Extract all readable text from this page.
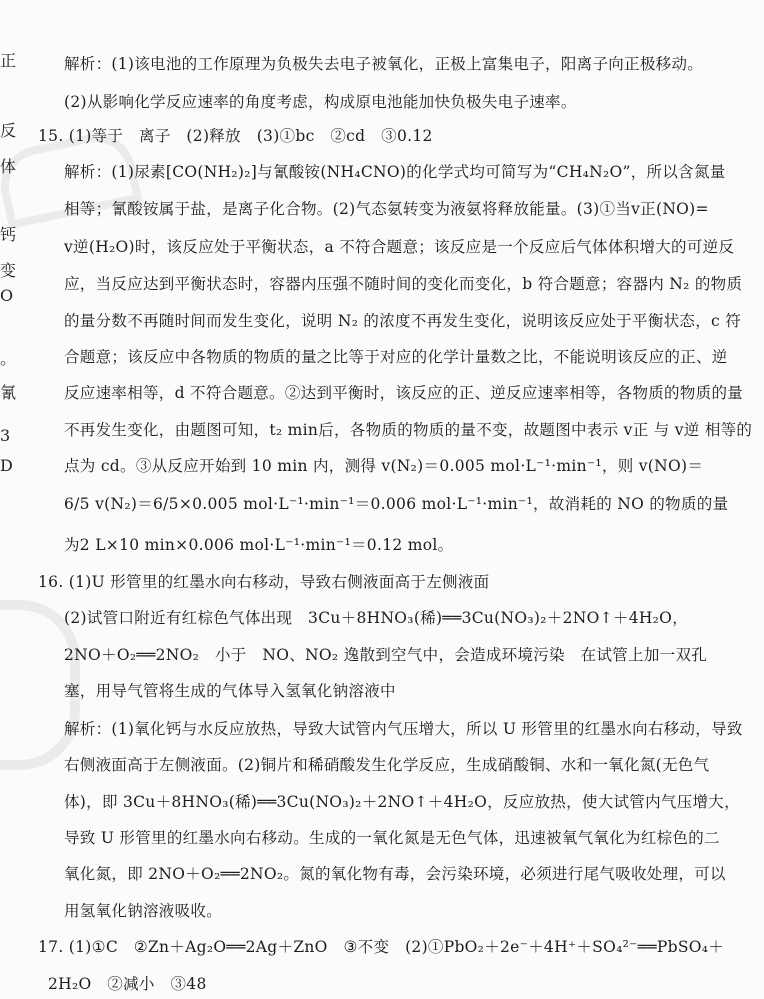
正
反
体
钙
变
O
。
氰
3
D
解析：(1)该电池的工作原理为负极失去电子被氧化，正极上富集电子，阳离子向正极移动。
(2)从影响化学反应速率的角度考虑，构成原电池能加快负极失电子速率。
15. (1)等于　离子　(2)释放　(3)①bc　②cd　③0.12
解析：(1)尿素[CO(NH₂)₂]与氰酸铵(NH₄CNO)的化学式均可简写为“CH₄N₂O”，所以含氮量
相等；氰酸铵属于盐，是离子化合物。(2)气态氨转变为液氨将释放能量。(3)①当v正(NO)=
v逆(H₂O)时，该反应处于平衡状态，a 不符合题意；该反应是一个反应后气体体积增大的可逆反
应，当反应达到平衡状态时，容器内压强不随时间的变化而变化，b 符合题意；容器内 N₂ 的物质
的量分数不再随时间而发生变化，说明 N₂ 的浓度不再发生变化，说明该反应处于平衡状态，c 符
合题意；该反应中各物质的物质的量之比等于对应的化学计量数之比，不能说明该反应的正、逆
反应速率相等，d 不符合题意。②达到平衡时，该反应的正、逆反应速率相等，各物质的物质的量
不再发生变化，由题图可知，t₂ min后，各物质的物质的量不变，故题图中表示 v正 与 v逆 相等的
点为 cd。③从反应开始到 10 min 内，测得 v(N₂)＝0.005 mol·L⁻¹·min⁻¹，则 v(NO)＝
6/5 v(N₂)＝6/5×0.005 mol·L⁻¹·min⁻¹＝0.006 mol·L⁻¹·min⁻¹，故消耗的 NO 的物质的量
为2 L×10 min×0.006 mol·L⁻¹·min⁻¹＝0.12 mol。
16. (1)U 形管里的红墨水向右移动，导致右侧液面高于左侧液面
(2)试管口附近有红棕色气体出现　3Cu＋8HNO₃(稀)══3Cu(NO₃)₂＋2NO↑＋4H₂O，
2NO＋O₂══2NO₂　小于　NO、NO₂ 逸散到空气中，会造成环境污染　在试管上加一双孔
塞，用导气管将生成的气体导入氢氧化钠溶液中
解析：(1)氧化钙与水反应放热，导致大试管内气压增大，所以 U 形管里的红墨水向右移动，导致
右侧液面高于左侧液面。(2)铜片和稀硝酸发生化学反应，生成硝酸铜、水和一氧化氮(无色气
体)，即 3Cu＋8HNO₃(稀)══3Cu(NO₃)₂＋2NO↑＋4H₂O，反应放热，使大试管内气压增大，
导致 U 形管里的红墨水向右移动。生成的一氧化氮是无色气体，迅速被氧气氧化为红棕色的二
氧化氮，即 2NO＋O₂══2NO₂。氮的氧化物有毒，会污染环境，必须进行尾气吸收处理，可以
用氢氧化钠溶液吸收。
17. (1)①C　②Zn＋Ag₂O══2Ag＋ZnO　③不变　(2)①PbO₂＋2e⁻＋4H⁺＋SO₄²⁻══PbSO₄＋
2H₂O　②减小　③48
